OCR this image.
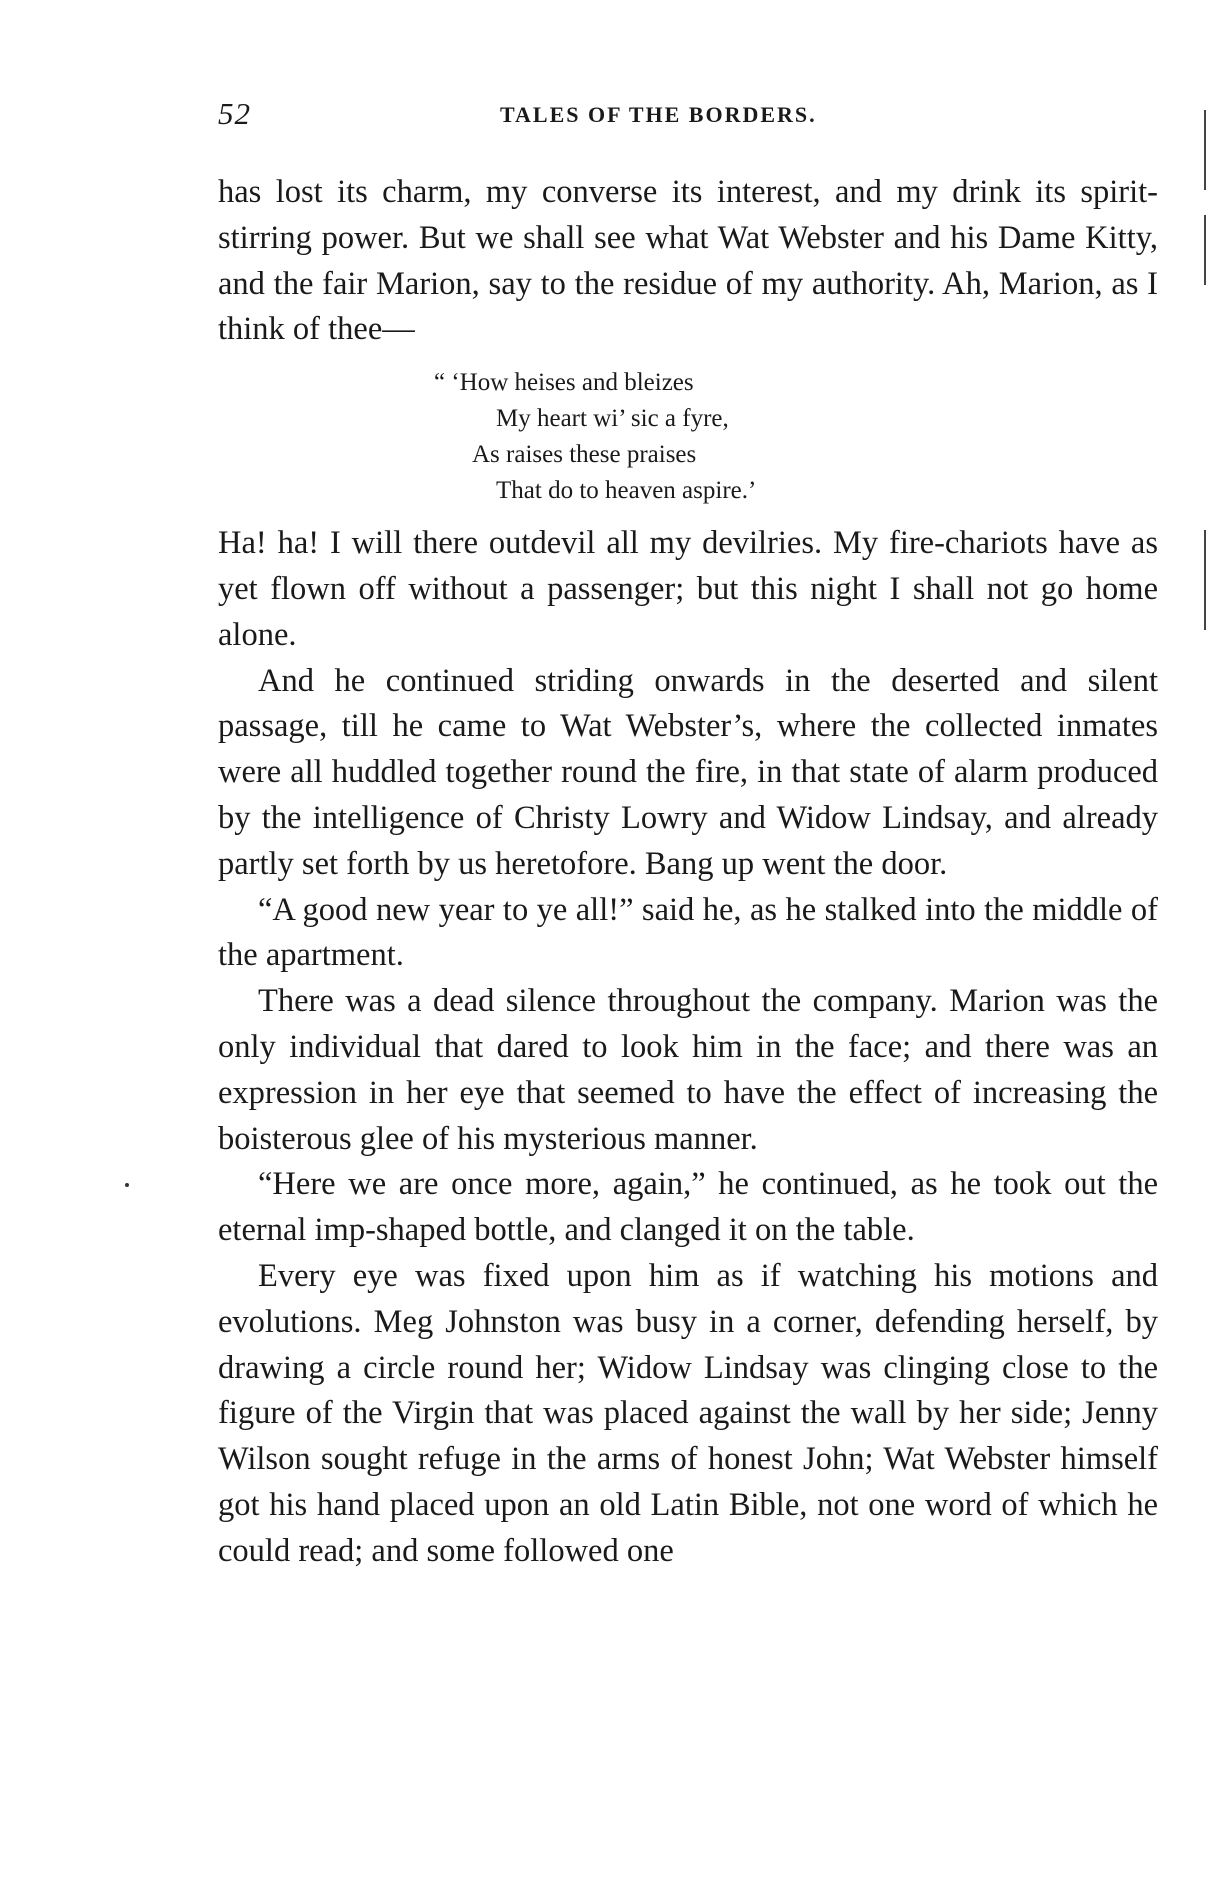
52	TALES OF THE BORDERS.

has lost its charm, my converse its interest, and my drink its spirit-stirring power. But we shall see what Wat Webster and his Dame Kitty, and the fair Marion, say to the residue of my authority. Ah, Marion, as I think of thee—

“ ‘How heises and bleizes
My heart wi’ sic a fyre,
As raises these praises
That do to heaven aspire.’

Ha! ha! I will there outdevil all my devilries. My fire-chariots have as yet flown off without a passenger; but this night I shall not go home alone.

And he continued striding onwards in the deserted and silent passage, till he came to Wat Webster’s, where the collected inmates were all huddled together round the fire, in that state of alarm produced by the intelligence of Christy Lowry and Widow Lindsay, and already partly set forth by us heretofore. Bang up went the door.

“A good new year to ye all!” said he, as he stalked into the middle of the apartment.

There was a dead silence throughout the company. Marion was the only individual that dared to look him in the face; and there was an expression in her eye that seemed to have the effect of increasing the boisterous glee of his mysterious manner.

“Here we are once more, again,” he continued, as he took out the eternal imp-shaped bottle, and clanged it on the table.

Every eye was fixed upon him as if watching his motions and evolutions. Meg Johnston was busy in a corner, defending herself, by drawing a circle round her; Widow Lindsay was clinging close to the figure of the Virgin that was placed against the wall by her side; Jenny Wilson sought refuge in the arms of honest John; Wat Webster himself got his hand placed upon an old Latin Bible, not one word of which he could read; and some followed one
